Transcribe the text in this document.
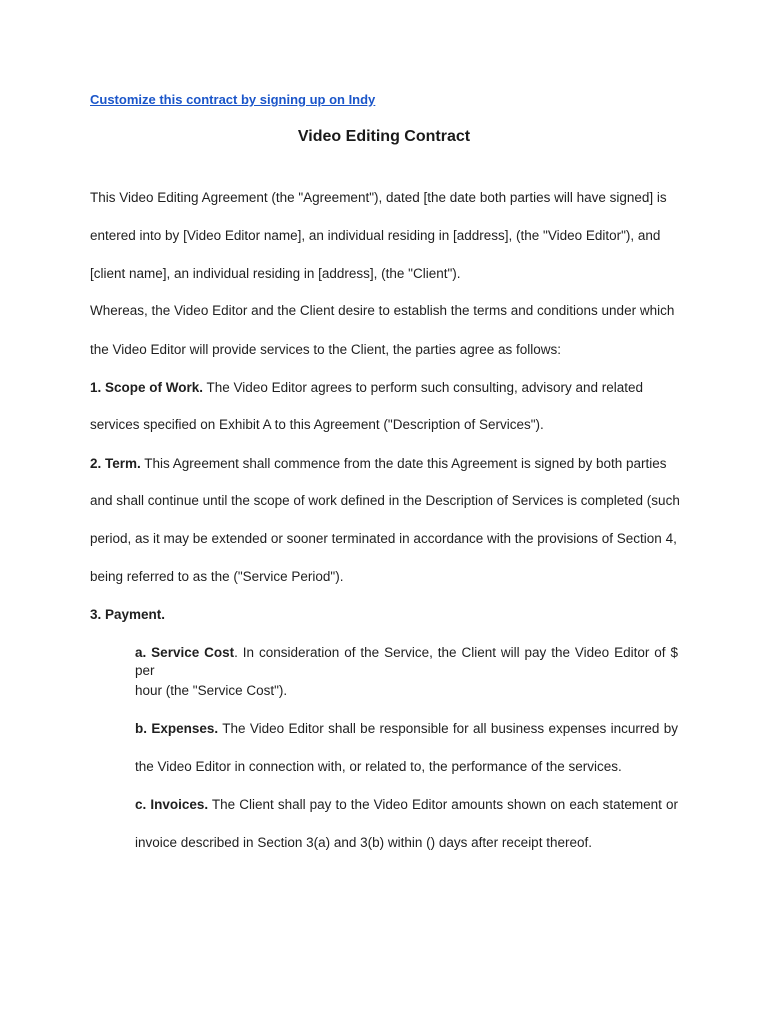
Customize this contract by signing up on Indy
Video Editing Contract
This Video Editing Agreement (the "Agreement"), dated [the date both parties will have signed] is
entered into by [Video Editor name], an individual residing in [address], (the "Video Editor"), and
[client name], an individual residing in [address], (the "Client").
Whereas, the Video Editor and the Client desire to establish the terms and conditions under which
the Video Editor will provide services to the Client, the parties agree as follows:
1. Scope of Work. The Video Editor agrees to perform such consulting, advisory and related
services specified on Exhibit A to this Agreement ("Description of Services").
2. Term. This Agreement shall commence from the date this Agreement is signed by both parties
and shall continue until the scope of work defined in the Description of Services is completed (such
period, as it may be extended or sooner terminated in accordance with the provisions of Section 4,
being referred to as the ("Service Period").
3. Payment.
a. Service Cost. In consideration of the Service, the Client will pay the Video Editor of $ per
hour (the "Service Cost").
b. Expenses. The Video Editor shall be responsible for all business expenses incurred by
the Video Editor in connection with, or related to, the performance of the services.
c. Invoices. The Client shall pay to the Video Editor amounts shown on each statement or
invoice described in Section 3(a) and 3(b) within () days after receipt thereof.
